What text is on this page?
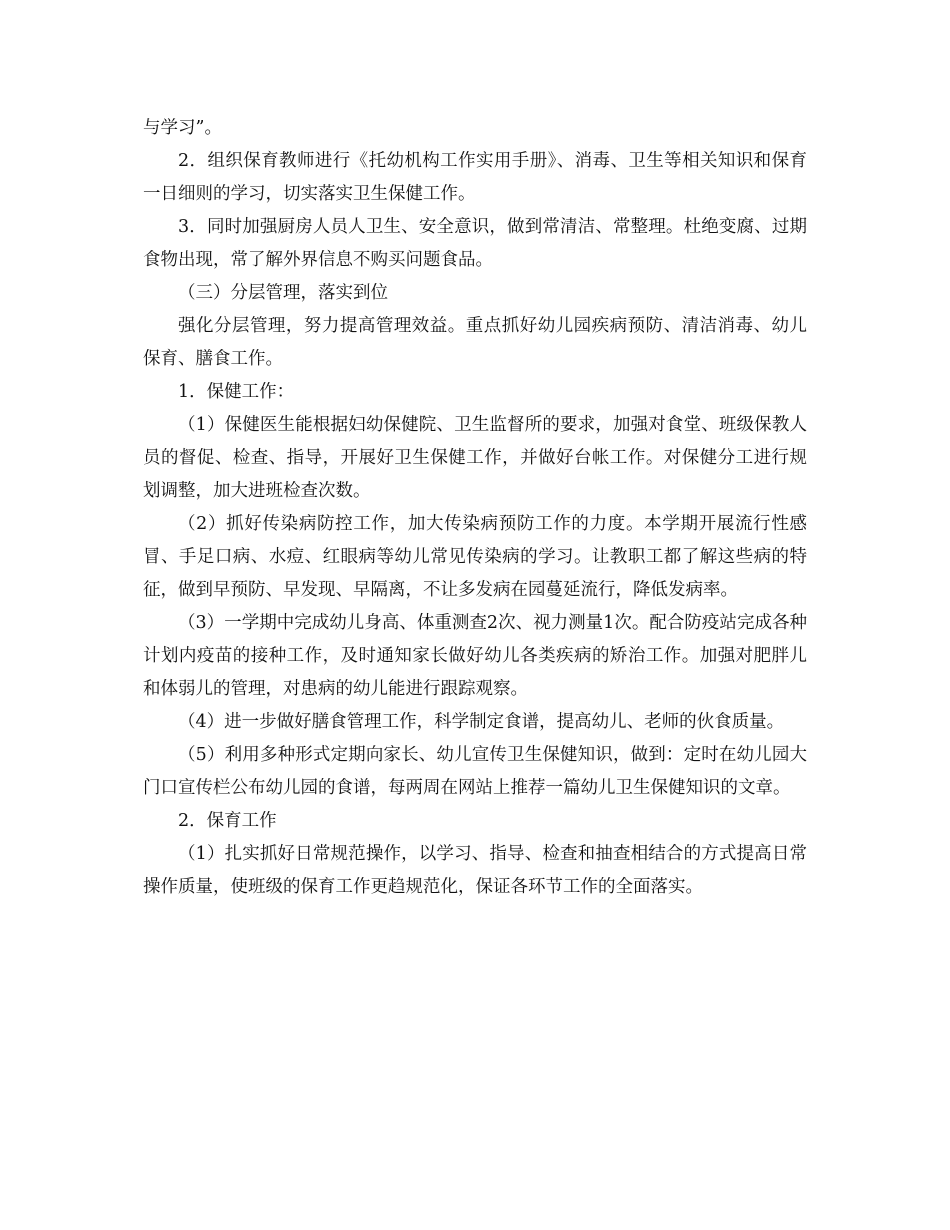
与学习”。

2．组织保育教师进行《托幼机构工作实用手册》、消毒、卫生等相关知识和保育一日细则的学习，切实落实卫生保健工作。

3．同时加强厨房人员人卫生、安全意识，做到常清洁、常整理。杜绝变腐、过期食物出现，常了解外界信息不购买问题食品。

（三）分层管理，落实到位

强化分层管理，努力提高管理效益。重点抓好幼儿园疾病预防、清洁消毒、幼儿保育、膳食工作。

1．保健工作：

（1）保健医生能根据妇幼保健院、卫生监督所的要求，加强对食堂、班级保教人员的督促、检查、指导，开展好卫生保健工作，并做好台帐工作。对保健分工进行规划调整，加大进班检查次数。

（2）抓好传染病防控工作，加大传染病预防工作的力度。本学期开展流行性感冒、手足口病、水痘、红眼病等幼儿常见传染病的学习。让教职工都了解这些病的特征，做到早预防、早发现、早隔离，不让多发病在园蔓延流行，降低发病率。

（3）一学期中完成幼儿身高、体重测查2次、视力测量1次。配合防疫站完成各种计划内疫苗的接种工作，及时通知家长做好幼儿各类疾病的矫治工作。加强对肥胖儿和体弱儿的管理，对患病的幼儿能进行跟踪观察。

（4）进一步做好膳食管理工作，科学制定食谱，提高幼儿、老师的伙食质量。

（5）利用多种形式定期向家长、幼儿宣传卫生保健知识，做到：定时在幼儿园大门口宣传栏公布幼儿园的食谱，每两周在网站上推荐一篇幼儿卫生保健知识的文章。

2．保育工作

（1）扎实抓好日常规范操作，以学习、指导、检查和抽查相结合的方式提高日常操作质量，使班级的保育工作更趋规范化，保证各环节工作的全面落实。
